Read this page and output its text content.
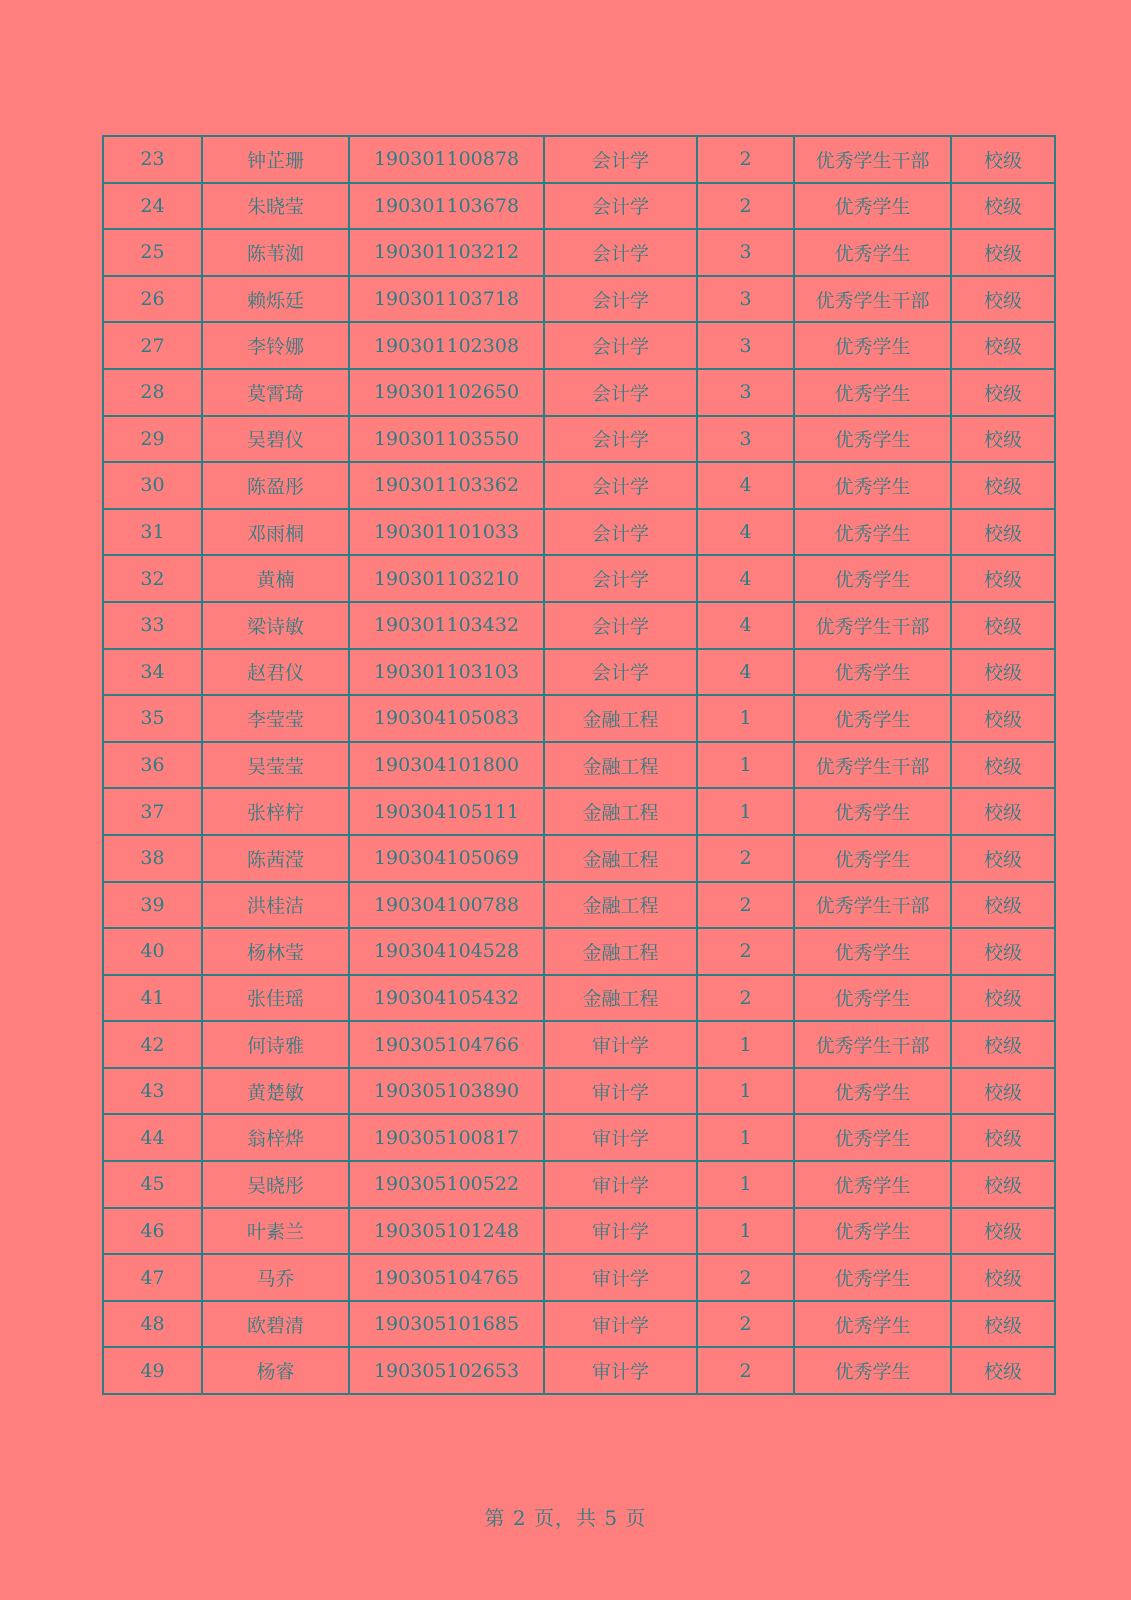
23	钟芷珊	190301100878	会计学	2	优秀学生干部	校级
24	朱晓莹	190301103678	会计学	2	优秀学生	校级
25	陈苇洳	190301103212	会计学	3	优秀学生	校级
26	赖烁廷	190301103718	会计学	3	优秀学生干部	校级
27	李铃娜	190301102308	会计学	3	优秀学生	校级
28	莫霄琦	190301102650	会计学	3	优秀学生	校级
29	吴碧仪	190301103550	会计学	3	优秀学生	校级
30	陈盈彤	190301103362	会计学	4	优秀学生	校级
31	邓雨桐	190301101033	会计学	4	优秀学生	校级
32	黄楠	190301103210	会计学	4	优秀学生	校级
33	梁诗敏	190301103432	会计学	4	优秀学生干部	校级
34	赵君仪	190301103103	会计学	4	优秀学生	校级
35	李莹莹	190304105083	金融工程	1	优秀学生	校级
36	吴莹莹	190304101800	金融工程	1	优秀学生干部	校级
37	张梓柠	190304105111	金融工程	1	优秀学生	校级
38	陈茜滢	190304105069	金融工程	2	优秀学生	校级
39	洪桂洁	190304100788	金融工程	2	优秀学生干部	校级
40	杨林莹	190304104528	金融工程	2	优秀学生	校级
41	张佳瑶	190304105432	金融工程	2	优秀学生	校级
42	何诗雅	190305104766	审计学	1	优秀学生干部	校级
43	黄楚敏	190305103890	审计学	1	优秀学生	校级
44	翁梓烨	190305100817	审计学	1	优秀学生	校级
45	吴晓彤	190305100522	审计学	1	优秀学生	校级
46	叶素兰	190305101248	审计学	1	优秀学生	校级
47	马乔	190305104765	审计学	2	优秀学生	校级
48	欧碧清	190305101685	审计学	2	优秀学生	校级
49	杨睿	190305102653	审计学	2	优秀学生	校级
第 2 页，共 5 页
